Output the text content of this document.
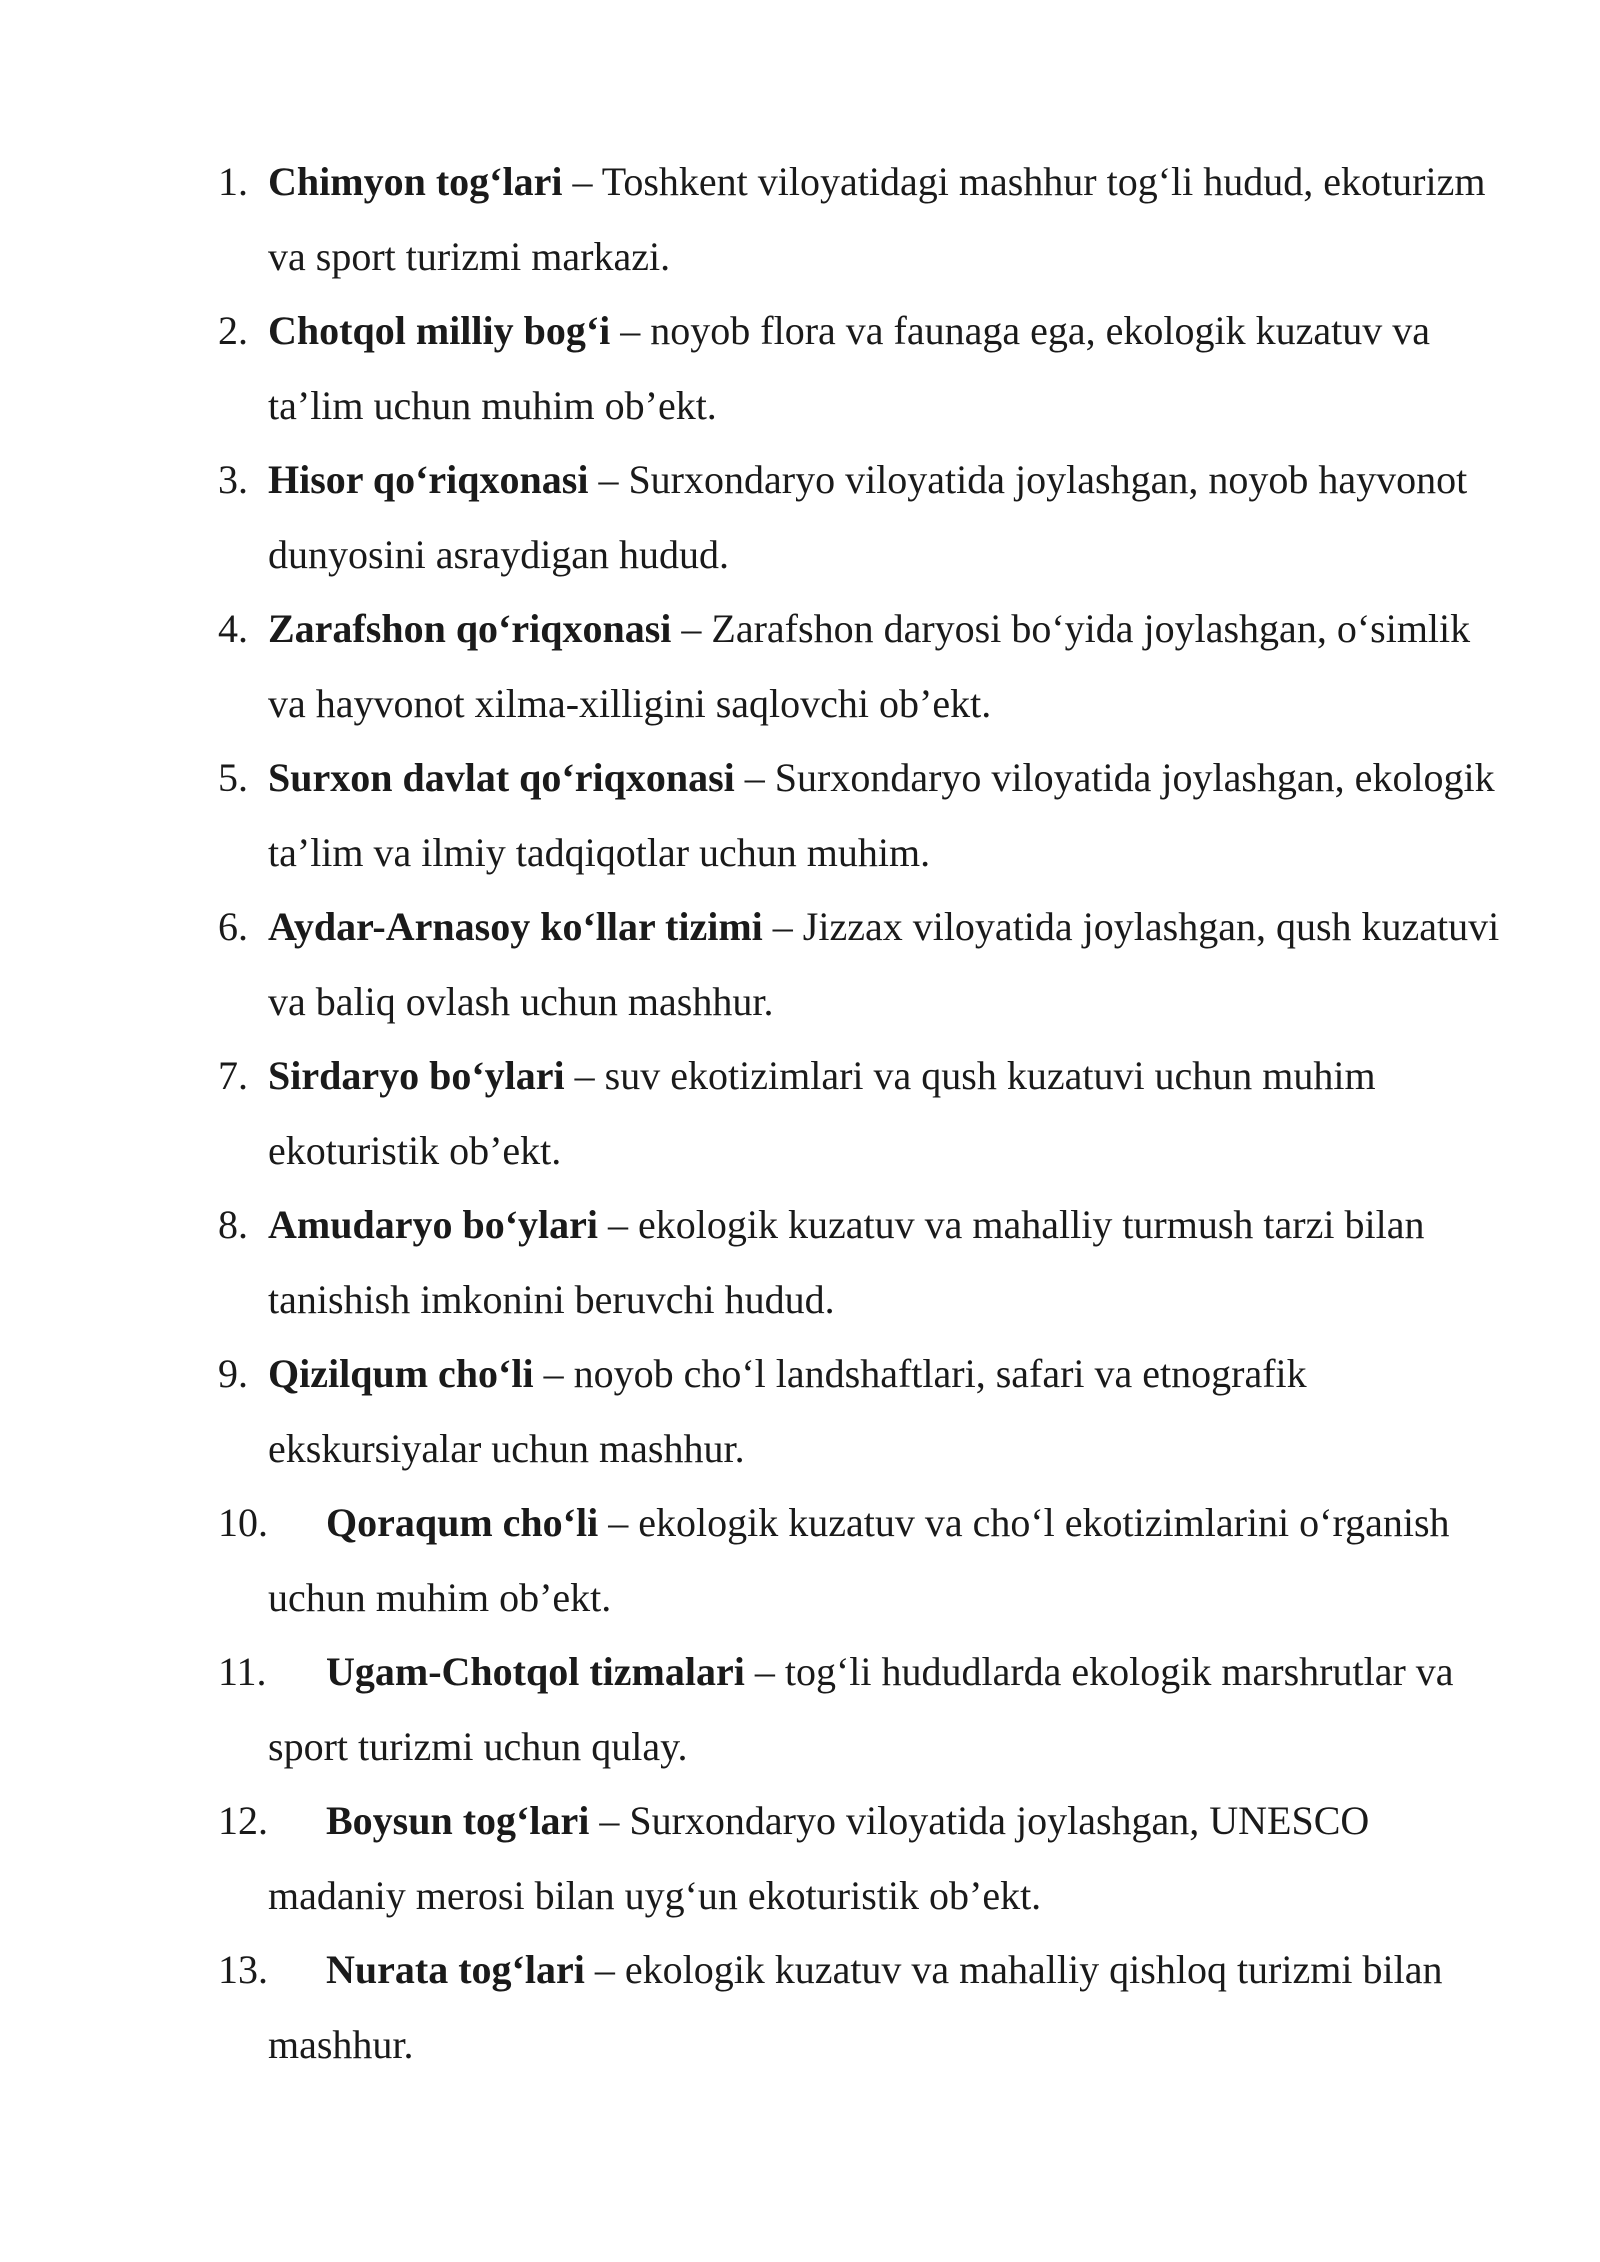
1. Chimyon tog‘lari – Toshkent viloyatidagi mashhur tog‘li hudud, ekoturizm va sport turizmi markazi.

2. Chotqol milliy bog‘i – noyob flora va faunaga ega, ekologik kuzatuv va ta’lim uchun muhim ob’ekt.

3. Hisor qo‘riqxonasi – Surxondaryo viloyatida joylashgan, noyob hayvonot dunyosini asraydigan hudud.

4. Zarafshon qo‘riqxonasi – Zarafshon daryosi bo‘yida joylashgan, o‘simlik va hayvonot xilma-xilligini saqlovchi ob’ekt.

5. Surxon davlat qo‘riqxonasi – Surxondaryo viloyatida joylashgan, ekologik ta’lim va ilmiy tadqiqotlar uchun muhim.

6. Aydar-Arnasoy ko‘llar tizimi – Jizzax viloyatida joylashgan, qush kuzatuvi va baliq ovlash uchun mashhur.

7. Sirdaryo bo‘ylari – suv ekotizimlari va qush kuzatuvi uchun muhim ekoturistik ob’ekt.

8. Amudaryo bo‘ylari – ekologik kuzatuv va mahalliy turmush tarzi bilan tanishish imkonini beruvchi hudud.

9. Qizilqum cho‘li – noyob cho‘l landshaftlari, safari va etnografik ekskursiyalar uchun mashhur.

10. Qoraqum cho‘li – ekologik kuzatuv va cho‘l ekotizimlarini o‘rganish uchun muhim ob’ekt.

11. Ugam-Chotqol tizmalari – tog‘li hududlarda ekologik marshrutlar va sport turizmi uchun qulay.

12. Boysun tog‘lari – Surxondaryo viloyatida joylashgan, UNESCO madaniy merosi bilan uyg‘un ekoturistik ob’ekt.

13. Nurata tog‘lari – ekologik kuzatuv va mahalliy qishloq turizmi bilan mashhur.
